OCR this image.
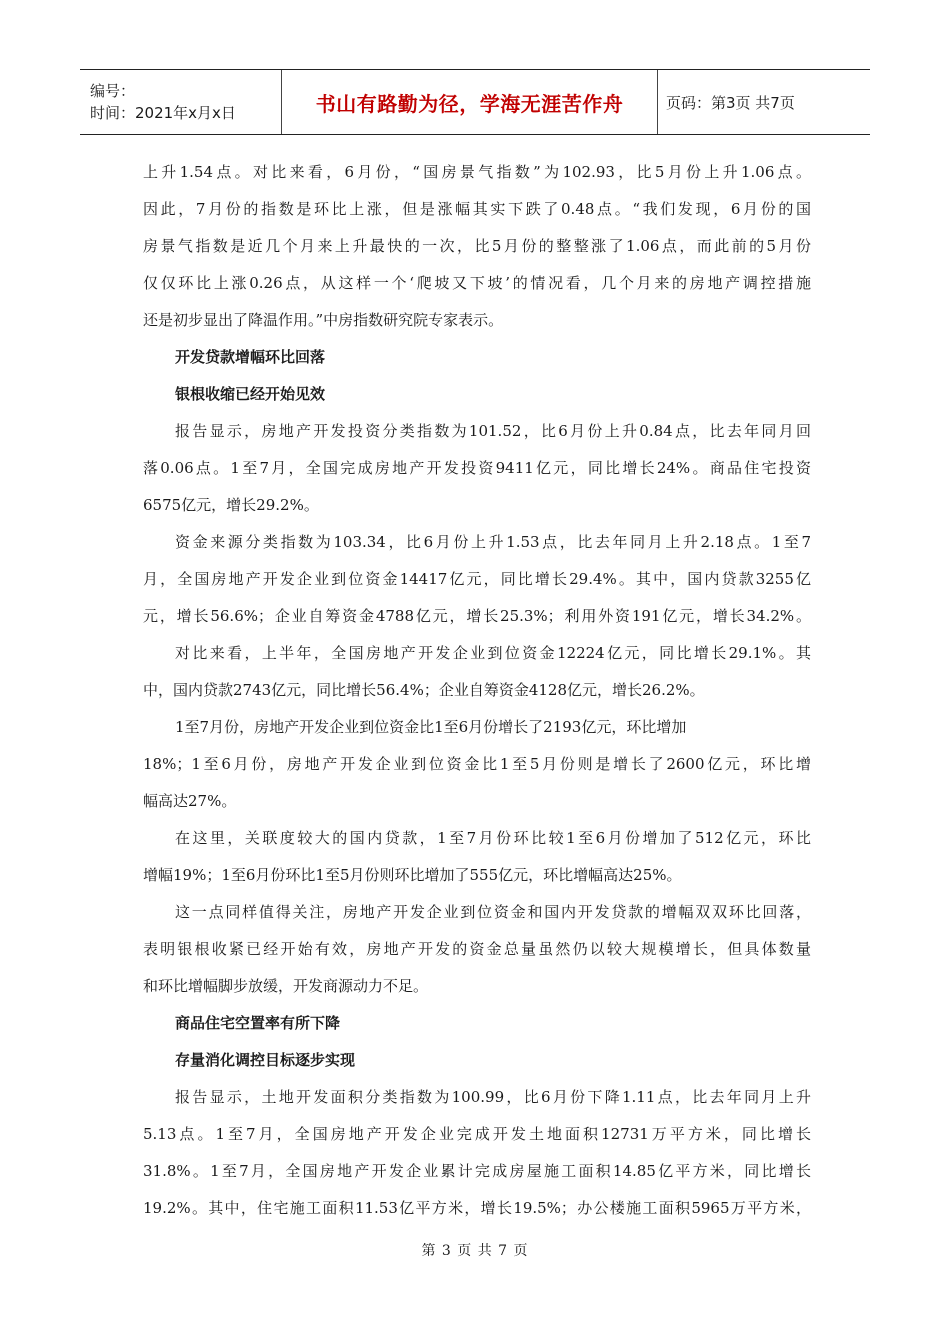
编号：
时间：2021年x月x日	书山有路勤为径，学海无涯苦作舟	页码：第3页 共7页
上升1.54点。对比来看，6月份，“国房景气指数”为102.93，比5月份上升1.06点。
因此，7月份的指数是环比上涨，但是涨幅其实下跌了0.48点。“我们发现，6月份的国
房景气指数是近几个月来上升最快的一次，比5月份的整整涨了1.06点，而此前的5月份
仅仅环比上涨0.26点，从这样一个‘爬坡又下坡’的情况看，几个月来的房地产调控措施
还是初步显出了降温作用。”中房指数研究院专家表示。
开发贷款增幅环比回落
银根收缩已经开始见效
报告显示，房地产开发投资分类指数为101.52，比6月份上升0.84点，比去年同月回
落0.06点。1至7月，全国完成房地产开发投资9411亿元，同比增长24%。商品住宅投资
6575亿元，增长29.2%。
资金来源分类指数为103.34，比6月份上升1.53点，比去年同月上升2.18点。1至7
月，全国房地产开发企业到位资金14417亿元，同比增长29.4%。其中，国内贷款3255亿
元，增长56.6%；企业自筹资金4788亿元，增长25.3%；利用外资191亿元，增长34.2%。
对比来看，上半年，全国房地产开发企业到位资金12224亿元，同比增长29.1%。其
中，国内贷款2743亿元，同比增长56.4%；企业自筹资金4128亿元，增长26.2%。
1至7月份，房地产开发企业到位资金比1至6月份增长了2193亿元，环比增加
18%；1至6月份，房地产开发企业到位资金比1至5月份则是增长了2600亿元，环比增
幅高达27%。
在这里，关联度较大的国内贷款，1至7月份环比较1至6月份增加了512亿元，环比
增幅19%；1至6月份环比1至5月份则环比增加了555亿元，环比增幅高达25%。
这一点同样值得关注，房地产开发企业到位资金和国内开发贷款的增幅双双环比回落，
表明银根收紧已经开始有效，房地产开发的资金总量虽然仍以较大规模增长，但具体数量
和环比增幅脚步放缓，开发商源动力不足。
商品住宅空置率有所下降
存量消化调控目标逐步实现
报告显示，土地开发面积分类指数为100.99，比6月份下降1.11点，比去年同月上升
5.13点。1至7月，全国房地产开发企业完成开发土地面积12731万平方米，同比增长
31.8%。1至7月，全国房地产开发企业累计完成房屋施工面积14.85亿平方米，同比增长
19.2%。其中，住宅施工面积11.53亿平方米，增长19.5%；办公楼施工面积5965万平方米，
第 3 页 共 7 页
